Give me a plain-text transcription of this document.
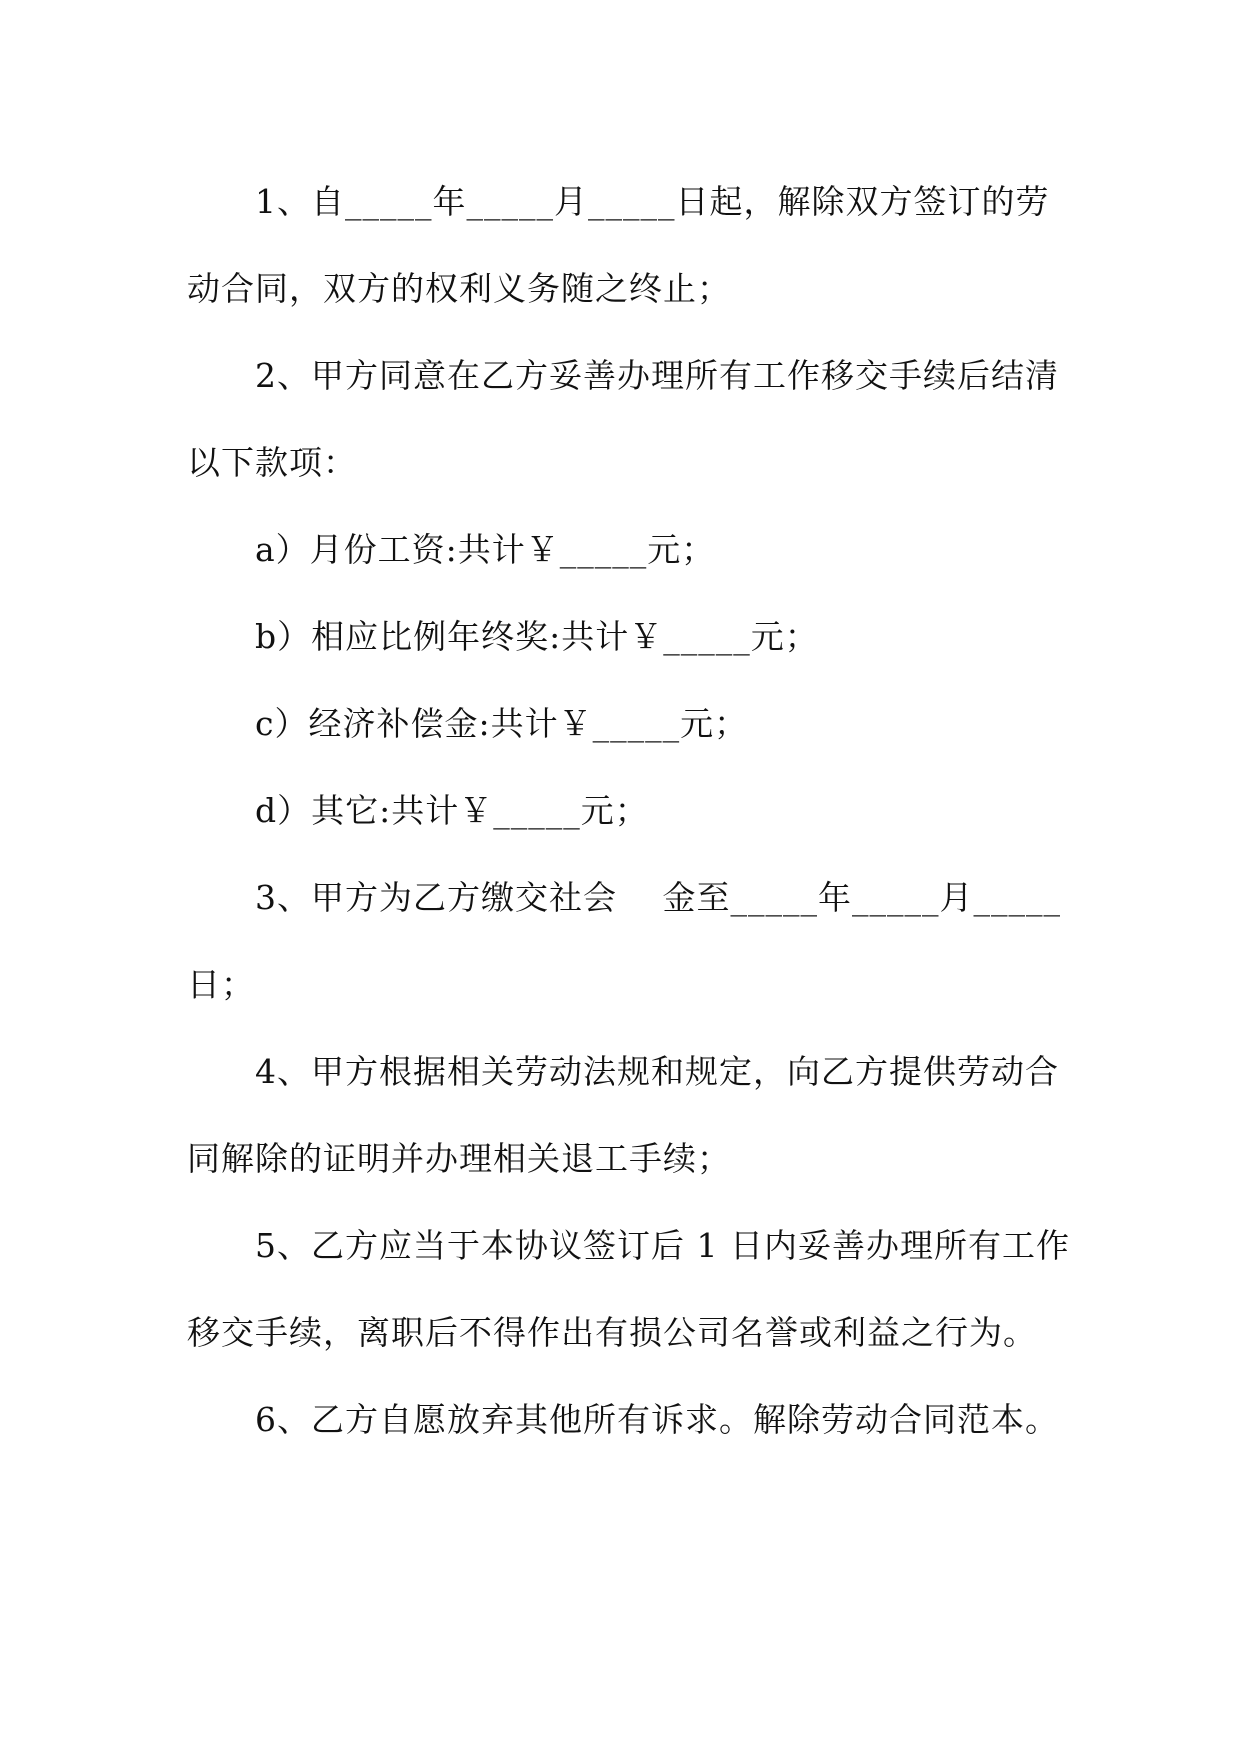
1、自_____年_____月_____日起，解除双方签订的劳
动合同，双方的权利义务随之终止；
2、甲方同意在乙方妥善办理所有工作移交手续后结清
以下款项：
a）月份工资:共计￥_____元；
b）相应比例年终奖:共计￥_____元；
c）经济补偿金:共计￥_____元；
d）其它:共计￥_____元；
3、甲方为乙方缴交社会　 金至_____年_____月_____
日；
4、甲方根据相关劳动法规和规定，向乙方提供劳动合
同解除的证明并办理相关退工手续；
5、乙方应当于本协议签订后 1 日内妥善办理所有工作
移交手续，离职后不得作出有损公司名誉或利益之行为。
6、乙方自愿放弃其他所有诉求。解除劳动合同范本。
